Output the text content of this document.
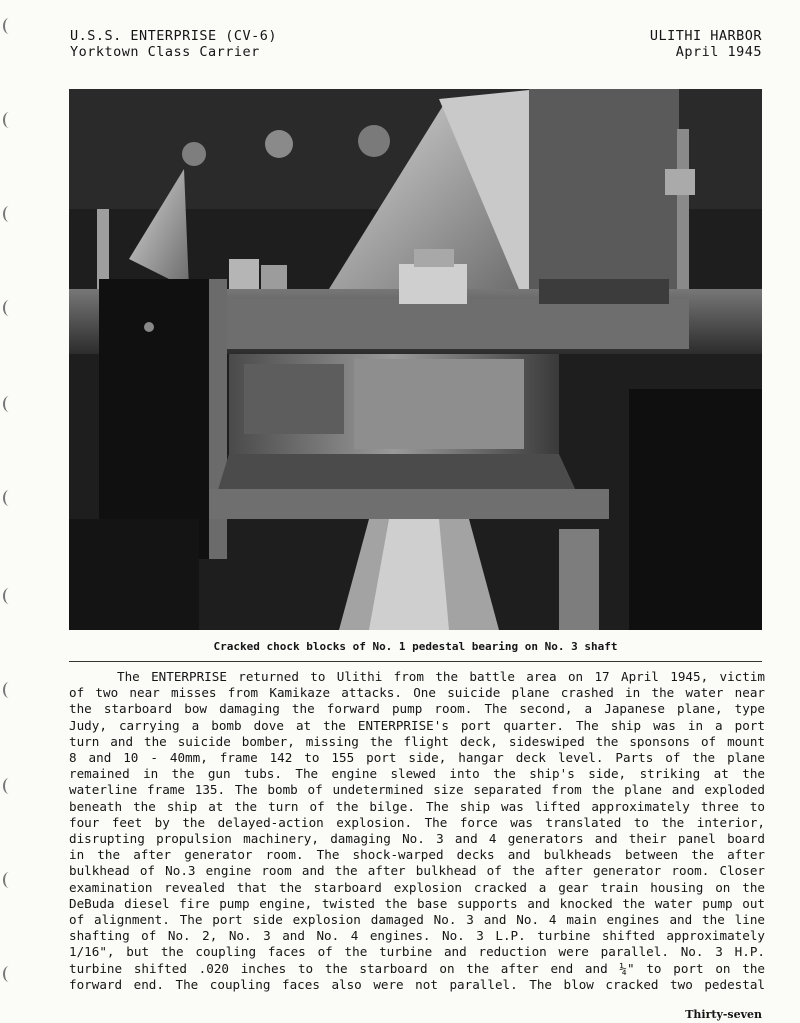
U.S.S. ENTERPRISE (CV-6)
Yorktown Class Carrier
ULITHI HARBOR
April 1945
Cracked chock blocks of No. 1 pedestal bearing on No. 3 shaft
The ENTERPRISE returned to Ulithi from the battle area on 17 April 1945, victim
of two near misses from Kamikaze attacks. One suicide plane crashed in the water near
the starboard bow damaging the forward pump room. The second, a Japanese plane, type
Judy, carrying a bomb dove at the ENTERPRISE's port quarter. The ship was in a port
turn and the suicide bomber, missing the flight deck, sideswiped the sponsons of mount
8 and 10 - 40mm, frame 142 to 155 port side, hangar deck level. Parts of the plane
remained in the gun tubs. The engine slewed into the ship's side, striking at the
waterline frame 135. The bomb of undetermined size separated from the plane and exploded
beneath the ship at the turn of the bilge. The ship was lifted approximately three to
four feet by the delayed-action explosion. The force was translated to the interior,
disrupting propulsion machinery, damaging No. 3 and 4 generators and their panel board
in the after generator room. The shock-warped decks and bulkheads between the after
bulkhead of No.3 engine room and the after bulkhead of the after generator room. Closer
examination revealed that the starboard explosion cracked a gear train housing on the
DeBuda diesel fire pump engine, twisted the base supports and knocked the water pump out
of alignment. The port side explosion damaged No. 3 and No. 4 main engines and the line
shafting of No. 2, No. 3 and No. 4 engines. No. 3 L.P. turbine shifted approximately
1/16", but the coupling faces of the turbine and reduction were parallel. No. 3 H.P.
turbine shifted .020 inches to the starboard on the after end and ¼" to port on the
forward end. The coupling faces also were not parallel. The blow cracked two pedestal
Thirty-seven
